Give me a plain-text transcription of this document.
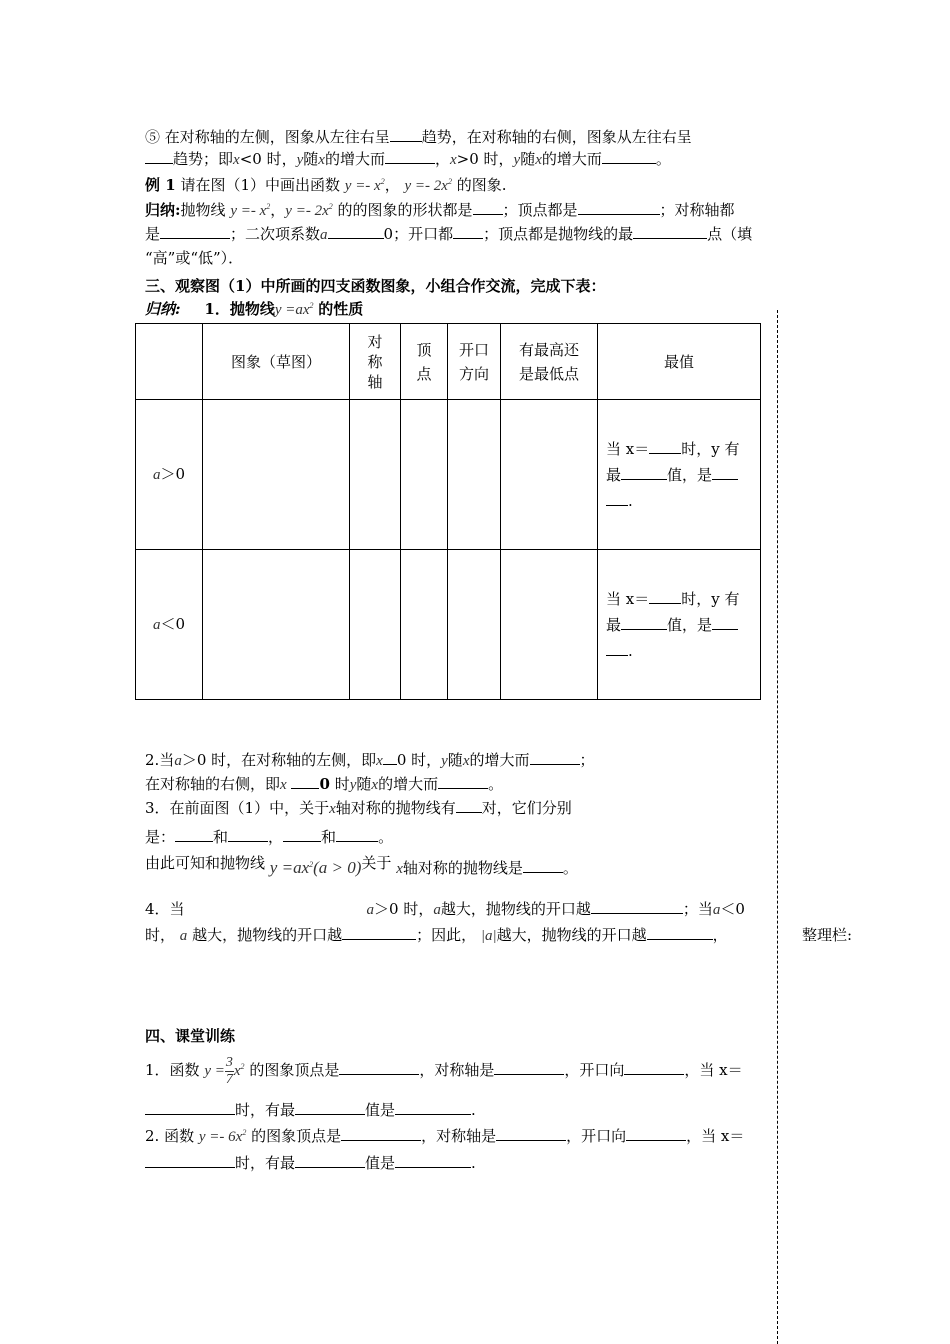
⑤ 在对称轴的左侧，图象从左往右呈 趋势，在对称轴的右侧，图象从左往右呈
趋势；即x<0 时，y随x的增大而	，x>0 时，y随x的增大而	。
例 1 请在图（1）中画出函数 $y =- x^2$， $y =- 2x^2$ 的图象.
归纳:抛物线 $y =- x^2$，$y =- 2x^2$ 的的图象的形状都是 ；顶点都是	；对称轴都
是	；二次项系数a	0；开口都 ；顶点都是抛物线的最	点（填
“高”或“低”）．
三、观察图（1）中所画的四支函数图象，小组合作交流，完成下表：
归纳: 1．抛物线$y =ax^2$ 的性质
	图象（草图）	对称轴	顶
点	开口
方向	有最高还
是最低点	最值
a＞0						当 x＝ 时，y 有
最 值，是
.
a＜0						当 x＝ 时，y 有
最 值，是
.
2.当a＞0 时，在对称轴的左侧，即x 0 时，y随x的增大而	；
在对称轴的右侧，即x 0 时y随x的增大而	。
3．在前面图（1）中，关于x轴对称的抛物线有 对，它们分别
是：	和	，	和	。
由此可知和抛物线 $y =ax^2(a > 0)$关于 x轴对称的抛物线是	。
4．当	a＞0 时，a越大，抛物线的开口越	；当a＜0
时， a 越大，抛物线的开口越	；因此， |a|越大，抛物线的开口越	，	整理栏:
四、课堂训练
1．函数 $y = \frac{3}{7} x^2$ 的图象顶点是	，对称轴是	，开口向	，当 x＝
时，有最	值是	.
2. 函数 $y =- 6x^2$ 的图象顶点是	，对称轴是	，开口向	，当 x＝
时，有最	值是	.
